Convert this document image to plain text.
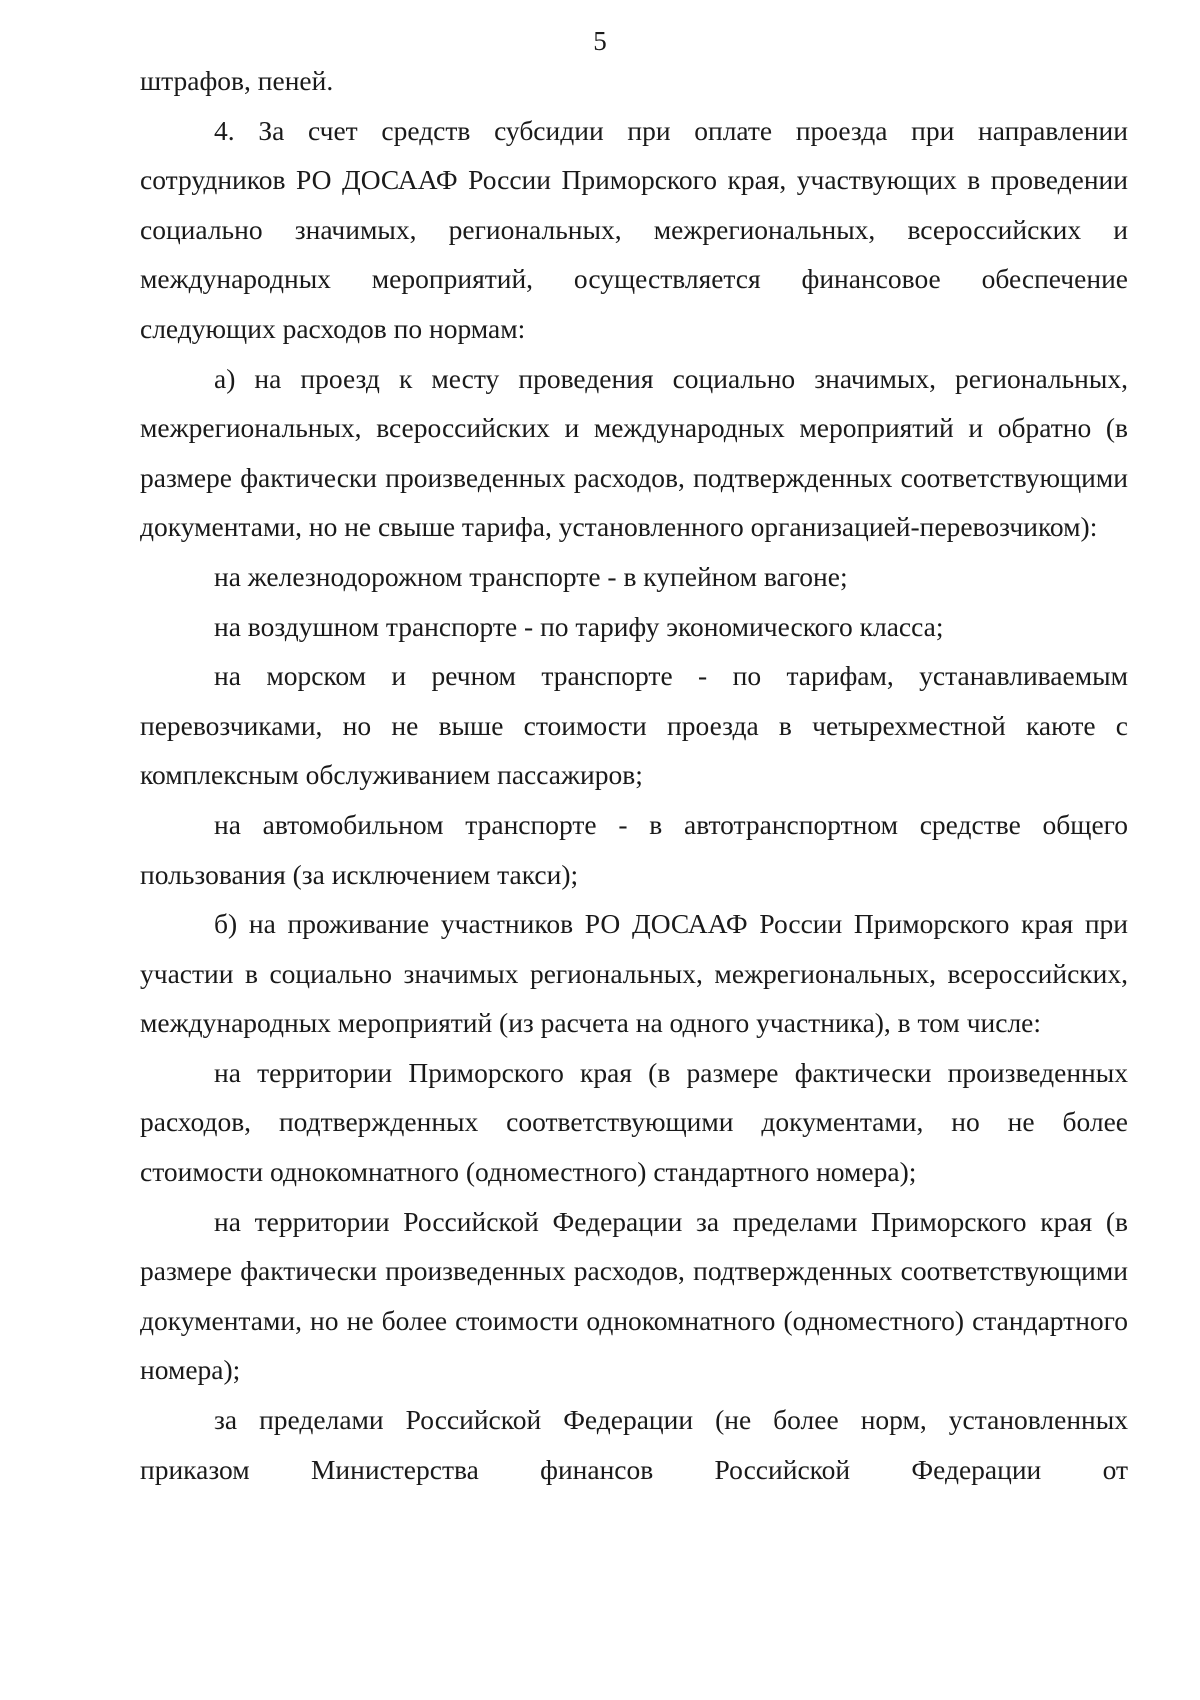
5

штрафов, пеней.

4. За счет средств субсидии при оплате проезда при направлении сотрудников РО ДОСААФ России Приморского края, участвующих в проведении социально значимых, региональных, межрегиональных, всероссийских и международных мероприятий, осуществляется финансовое обеспечение следующих расходов по нормам:

а) на проезд к месту проведения социально значимых, региональных, межрегиональных, всероссийских и международных мероприятий и обратно (в размере фактически произведенных расходов, подтвержденных соответствующими документами, но не свыше тарифа, установленного организацией-перевозчиком):

на железнодорожном транспорте - в купейном вагоне;

на воздушном транспорте - по тарифу экономического класса;

на морском и речном транспорте - по тарифам, устанавливаемым перевозчиками, но не выше стоимости проезда в четырехместной каюте с комплексным обслуживанием пассажиров;

на автомобильном транспорте - в автотранспортном средстве общего пользования (за исключением такси);

б) на проживание участников РО ДОСААФ России Приморского края при участии в социально значимых региональных, межрегиональных, всероссийских, международных мероприятий (из расчета на одного участника), в том числе:

на территории Приморского края (в размере фактически произведенных расходов, подтвержденных соответствующими документами, но не более стоимости однокомнатного (одноместного) стандартного номера);

на территории Российской Федерации за пределами Приморского края (в размере фактически произведенных расходов, подтвержденных соответствующими документами, но не более стоимости однокомнатного (одноместного) стандартного номера);

за пределами Российской Федерации (не более норм, установленных приказом Министерства финансов Российской Федерации от
